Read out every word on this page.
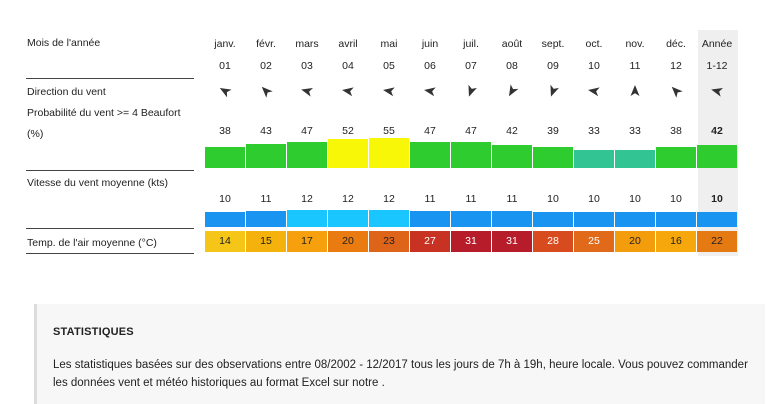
Mois de l'année
Direction du vent
Probabilité du vent >= 4 Beaufort
(%)
Vitesse du vent moyenne (kts)
Temp. de l'air moyenne (°C)
janv.
01
38
10
14
févr.
02
43
11
15
mars
03
47
12
17
avril
04
52
12
20
mai
05
55
12
23
juin
06
47
11
27
juil.
07
47
11
31
août
08
42
11
31
sept.
09
39
10
28
oct.
10
33
10
25
nov.
11
33
10
20
déc.
12
38
10
16
Année
1-12
42
10
22
STATISTIQUES
Les statistiques basées sur des observations entre 08/2002 - 12/2017 tous les jours de 7h à 19h, heure locale. Vous pouvez commander les données vent et météo historiques au format Excel sur notre .
